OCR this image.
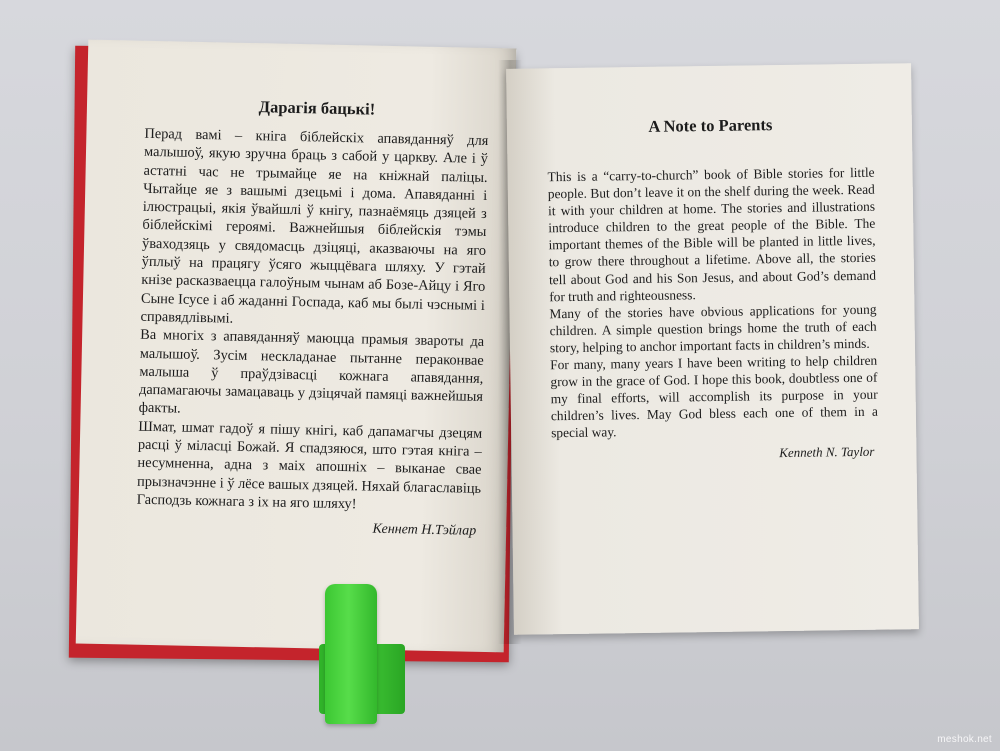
Дарагія бацькі!

Перад вамі – кніга біблейскіх апавяданняў для малышоў, якую зручна браць з сабой у царкву. Але і ў астатні час не трымайце яе на кніжнай паліцы. Чытайце яе з вашымі дзецьмі і дома. Апавяданні і ілюстрацыі, якія ўвайшлі ў кнігу, пазнаёмяць дзяцей з біблейскімі героямі. Важнейшыя біблейскія тэмы ўваходзяць у свядомасць дзіцяці, аказваючы на яго ўплыў на працягу ўсяго жыццёвага шляху. У гэтай кнізе расказваецца галоўным чынам аб Бозе-Айцу і Яго Сыне Ісусе і аб жаданні Госпада, каб мы былі чэснымі і справядлівымі.

Ва многіх з апавяданняў маюцца прамыя звароты да малышоў. Зусім нескладанае пытанне пераконвае малыша ў праўдзівасці кожнага апавядання, дапамагаючы замацаваць у дзіцячай памяці важнейшыя факты.

Шмат, шмат гадоў я пішу кнігі, каб дапамагчы дзецям расці ў міласці Божай. Я спадзяюся, што гэтая кніга – несумненна, адна з маіх апошніх – выканае свае прызначэнне і ў лёсе вашых дзяцей. Няхай благаславіць Гасподзь кожнага з іх на яго шляху!

Кеннет Н.Тэйлар
A Note to Parents

This is a “carry-to-church” book of Bible stories for little people. But don’t leave it on the shelf during the week. Read it with your children at home. The stories and illustrations introduce children to the great people of the Bible. The important themes of the Bible will be planted in little lives, to grow there throughout a lifetime. Above all, the stories tell about God and his Son Jesus, and about God’s demand for truth and righteousness.

Many of the stories have obvious applications for young children. A simple question brings home the truth of each story, helping to anchor important facts in children’s minds.

For many, many years I have been writing to help children grow in the grace of God. I hope this book, doubtless one of my final efforts, will accomplish its purpose in your children’s lives. May God bless each one of them in a special way.

Kenneth N. Taylor
meshok.net
